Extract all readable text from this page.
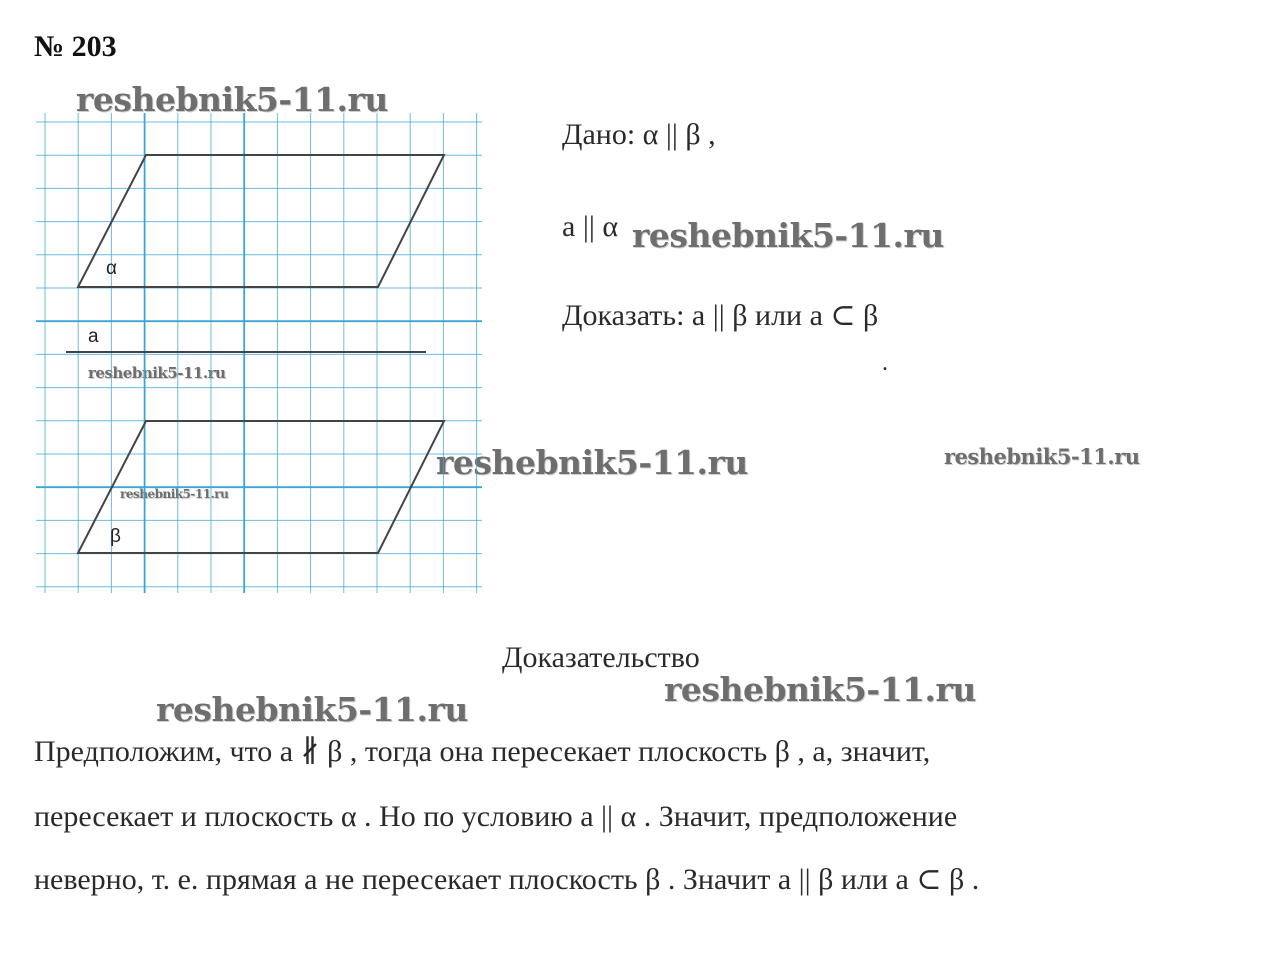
№ 203
reshebnik5-11.ru
reshebnik5-11.ru
reshebnik5-11.ru
reshebnik5-11.ru	reshebnik5-11.ru
reshebnik5-11.ru
reshebnik5-11.ru
reshebnik5-11.ru
α
a
β
Дано: α || β ,
a || α
Доказать: a || β или a ⊂ β
.
Доказательство
Предположим, что a ∦ β , тогда она пересекает плоскость β , a, значит,
пересекает и плоскость α . Но по условию a || α . Значит, предположение
неверно, т. е. прямая a не пересекает плоскость β . Значит a || β или a ⊂ β .
